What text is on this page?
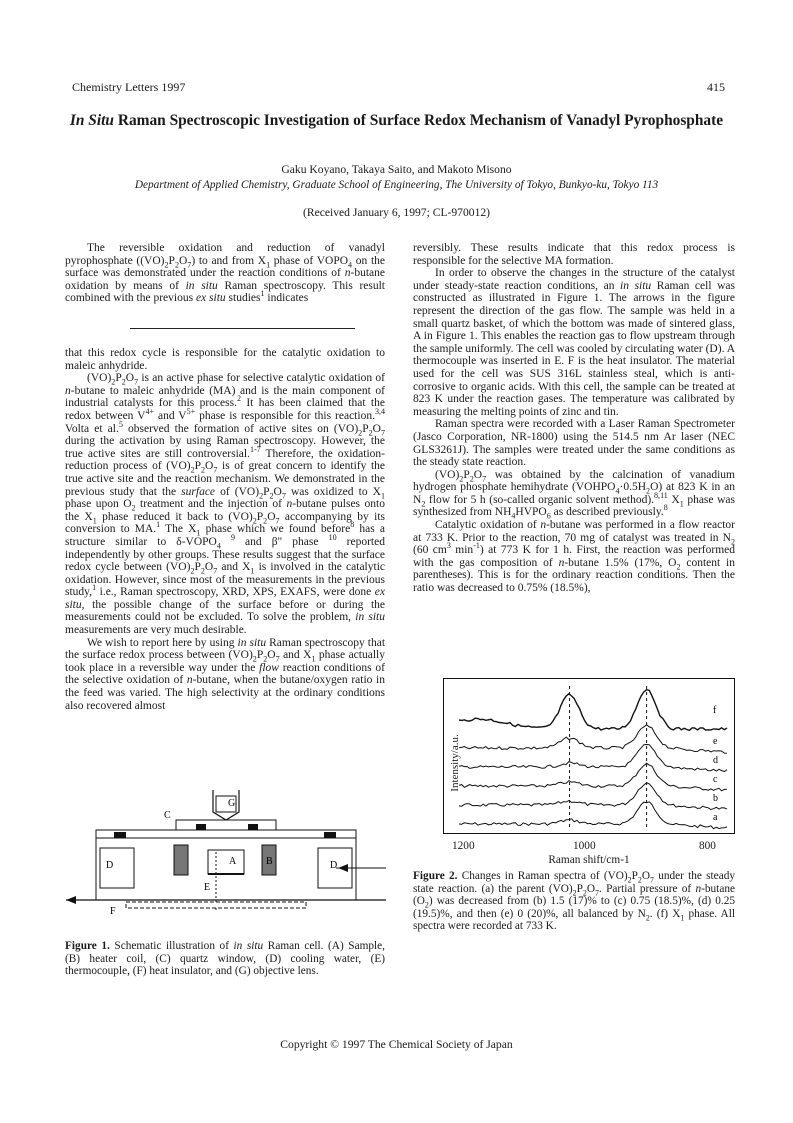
Chemistry Letters 1997	415
In Situ Raman Spectroscopic Investigation of Surface Redox Mechanism of Vanadyl Pyrophosphate
Gaku Koyano, Takaya Saito, and Makoto Misono
Department of Applied Chemistry, Graduate School of Engineering, The University of Tokyo, Bunkyo-ku, Tokyo 113
(Received January 6, 1997; CL-970012)

The reversible oxidation and reduction of vanadyl pyrophosphate $((VO)_2P_2O_7)$ to and from $X_1$ phase of $VOPO_4$ on the surface was demonstrated under the reaction conditions of n-butane oxidation by means of in situ Raman spectroscopy. This result combined with the previous ex situ studies$^1$ indicates

that this redox cycle is responsible for the catalytic oxidation to maleic anhydride.

$(VO)_2P_2O_7$ is an active phase for selective catalytic oxidation of n-butane to maleic anhydride (MA) and is the main component of industrial catalysts for this process.$^2$ It has been claimed that the redox between $V^{4+}$ and $V^{5+}$ phase is responsible for this reaction.$^{3,4}$ Volta et al.$^5$ observed the formation of active sites on $(VO)_2P_2O_7$ during the activation by using Raman spectroscopy. However, the true active sites are still controversial.$^{1-7}$ Therefore, the oxidation-reduction process of $(VO)_2P_2O_7$ is of great concern to identify the true active site and the reaction mechanism. We demonstrated in the previous study that the surface of $(VO)_2P_2O_7$ was oxidized to $X_1$ phase upon $O_2$ treatment and the injection of n-butane pulses onto the $X_1$ phase reduced it back to $(VO)_2P_2O_7$ accompanying by its conversion to MA.$^1$ The $X_1$ phase which we found before$^8$ has a structure similar to $\delta-VOPO_4$ $^9$ and β" phase $^{10}$ reported independently by other groups. These results suggest that the surface redox cycle between $(VO)_2P_2O_7$ and $X_1$ is involved in the catalytic oxidation. However, since most of the measurements in the previous study,$^1$ i.e., Raman spectroscopy, XRD, XPS, EXAFS, were done ex situ, the possible change of the surface before or during the measurements could not be excluded. To solve the problem, in situ measurements are very much desirable.

We wish to report here by using in situ Raman spectroscopy that the surface redox process between $(VO)_2P_2O_7$ and $X_1$ phase actually took place in a reversible way under the flow reaction conditions of the selective oxidation of n-butane, when the butane/oxygen ratio in the feed was varied. The high selectivity at the ordinary conditions also recovered almost

reversibly. These results indicate that this redox process is responsible for the selective MA formation.

In order to observe the changes in the structure of the catalyst under steady-state reaction conditions, an in situ Raman cell was constructed as illustrated in Figure 1. The arrows in the figure represent the direction of the gas flow. The sample was held in a small quartz basket, of which the bottom was made of sintered glass, A in Figure 1. This enables the reaction gas to flow upstream through the sample uniformly. The cell was cooled by circulating water (D). A thermocouple was inserted in E. F is the heat insulator. The material used for the cell was SUS 316L stainless steal, which is anti-corrosive to organic acids. With this cell, the sample can be treated at 823 K under the reaction gases. The temperature was calibrated by measuring the melting points of zinc and tin.

Raman spectra were recorded with a Laser Raman Spectrometer (Jasco Corporation, NR-1800) using the 514.5 nm Ar laser (NEC GLS3261J). The samples were treated under the same conditions as the steady state reaction.

$(VO)_2P_2O_7$ was obtained by the calcination of vanadium hydrogen phosphate hemihydrate $(VOHPO_4\cdot 0.5H_2O)$ at 823 K in an $N_2$ flow for 5 h (so-called organic solvent method).$^{8,11}$ $X_1$ phase was synthesized from $NH_4HVPO_6$ as described previously.$^8$

Catalytic oxidation of n-butane was performed in a flow reactor at 733 K. Prior to the reaction, 70 mg of catalyst was treated in $N_2$ (60 $cm^3$ $\min^{-1}$) at 773 K for 1 h. First, the reaction was performed with the gas composition of n-butane 1.5% (17%, $O_2$ content in parentheses). This is for the ordinary reaction conditions. Then the ratio was decreased to 0.75% (18.5%),

G
C
D	D
A	B
E
F
Figure 1. Schematic illustration of in situ Raman cell. (A) Sample, (B) heater coil, (C) quartz window, (D) cooling water, (E) thermocouple, (F) heat insulator, and (G) objective lens.
a
b
c
d
e
f
1200	1000	800
Raman shift/cm-1
Intensity/a.u.
Figure 2. Changes in Raman spectra of $(VO)_2P_2O_7$ under the steady state reaction. (a) the parent $(VO)_2P_2O_7$. Partial pressure of n-butane $(O_2)$ was decreased from (b) 1.5 (17)% to (c) 0.75 (18.5)%, (d) 0.25 (19.5)%, and then (e) 0 (20)%, all balanced by $N_2$. (f) $X_1$ phase. All spectra were recorded at 733 K.
Copyright © 1997 The Chemical Society of Japan
